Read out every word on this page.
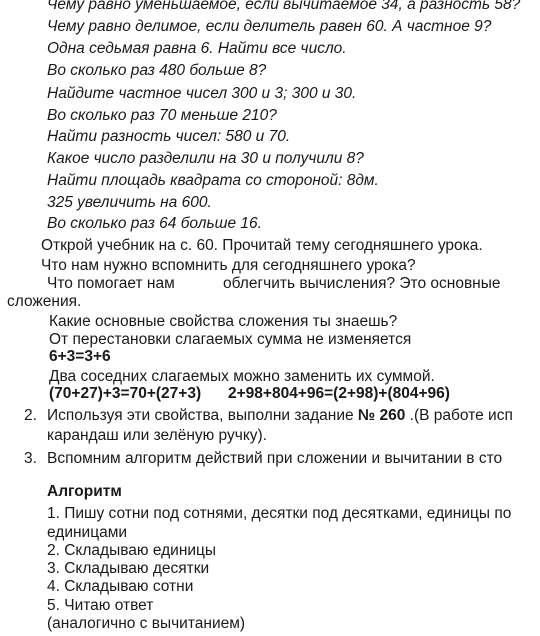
Чему равно уменьшаемое, если вычитаемое 34, а разность 58?
Чему равно делимое, если делитель равен 60. А частное 9?
Одна седьмая равна 6. Найти все число.
Во сколько раз 480 больше 8?
Найдите частное чисел 300 и 3; 300 и 30.
Во сколько раз 70 меньше 210?
Найти разность чисел: 580 и 70.
Какое число разделили на 30 и получили 8?
Найти площадь квадрата со стороной: 8дм.
325 увеличить на 600.
Во сколько раз 64 больше 16.
Открой учебник на с. 60. Прочитай тему сегодняшнего урока.
Что нам нужно вспомнить для сегодняшнего урока?
Что помогает нам	облегчить вычисления? Это основные
сложения.
Какие основные свойства сложения ты знаешь?
От перестановки слагаемых сумма не изменяется
6+3=3+6
Два соседних слагаемых можно заменить их суммой.
(70+27)+3=70+(27+3) 2+98+804+96=(2+98)+(804+96)
2. Используя эти свойства, выполни задание № 260 .(В работе исп
карандаш или зелёную ручку).
3. Вспомним алгоритм действий при сложении и вычитании в сто
Алгоритм
1. Пишу сотни под сотнями, десятки под десятками, единицы по
единицами
2. Складываю единицы
3. Складываю десятки
4. Складываю сотни
5. Читаю ответ
(аналогично с вычитанием)
